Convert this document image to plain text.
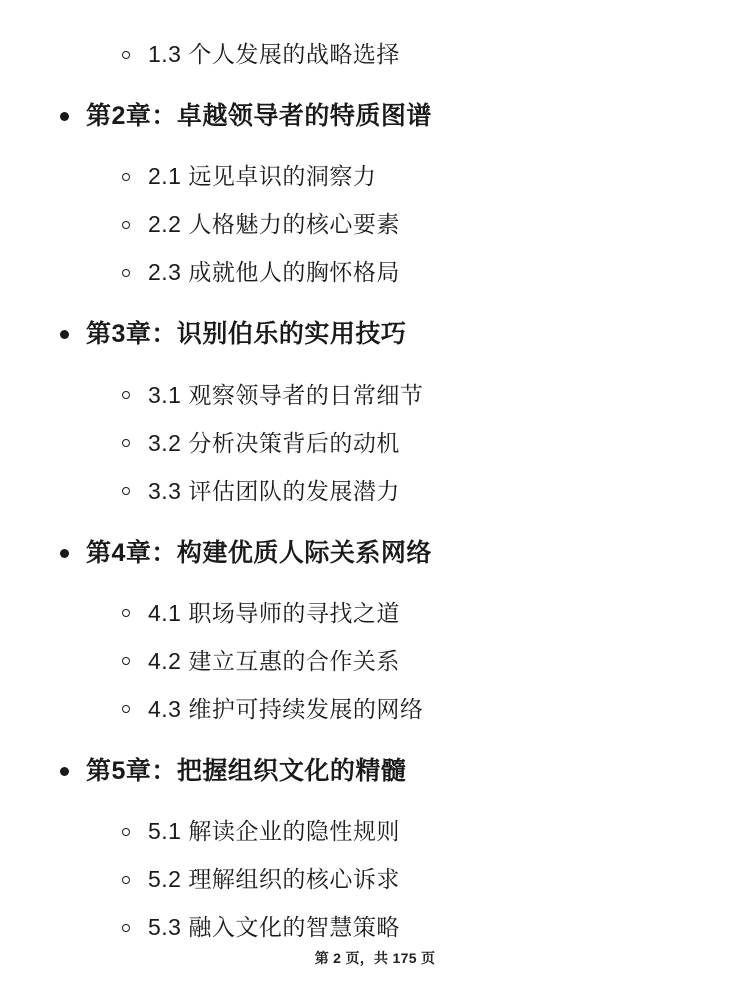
1.3 个人发展的战略选择
第2章：卓越领导者的特质图谱
2.1 远见卓识的洞察力
2.2 人格魅力的核心要素
2.3 成就他人的胸怀格局
第3章：识别伯乐的实用技巧
3.1 观察领导者的日常细节
3.2 分析决策背后的动机
3.3 评估团队的发展潜力
第4章：构建优质人际关系网络
4.1 职场导师的寻找之道
4.2 建立互惠的合作关系
4.3 维护可持续发展的网络
第5章：把握组织文化的精髓
5.1 解读企业的隐性规则
5.2 理解组织的核心诉求
5.3 融入文化的智慧策略
第 2 页，共 175 页
